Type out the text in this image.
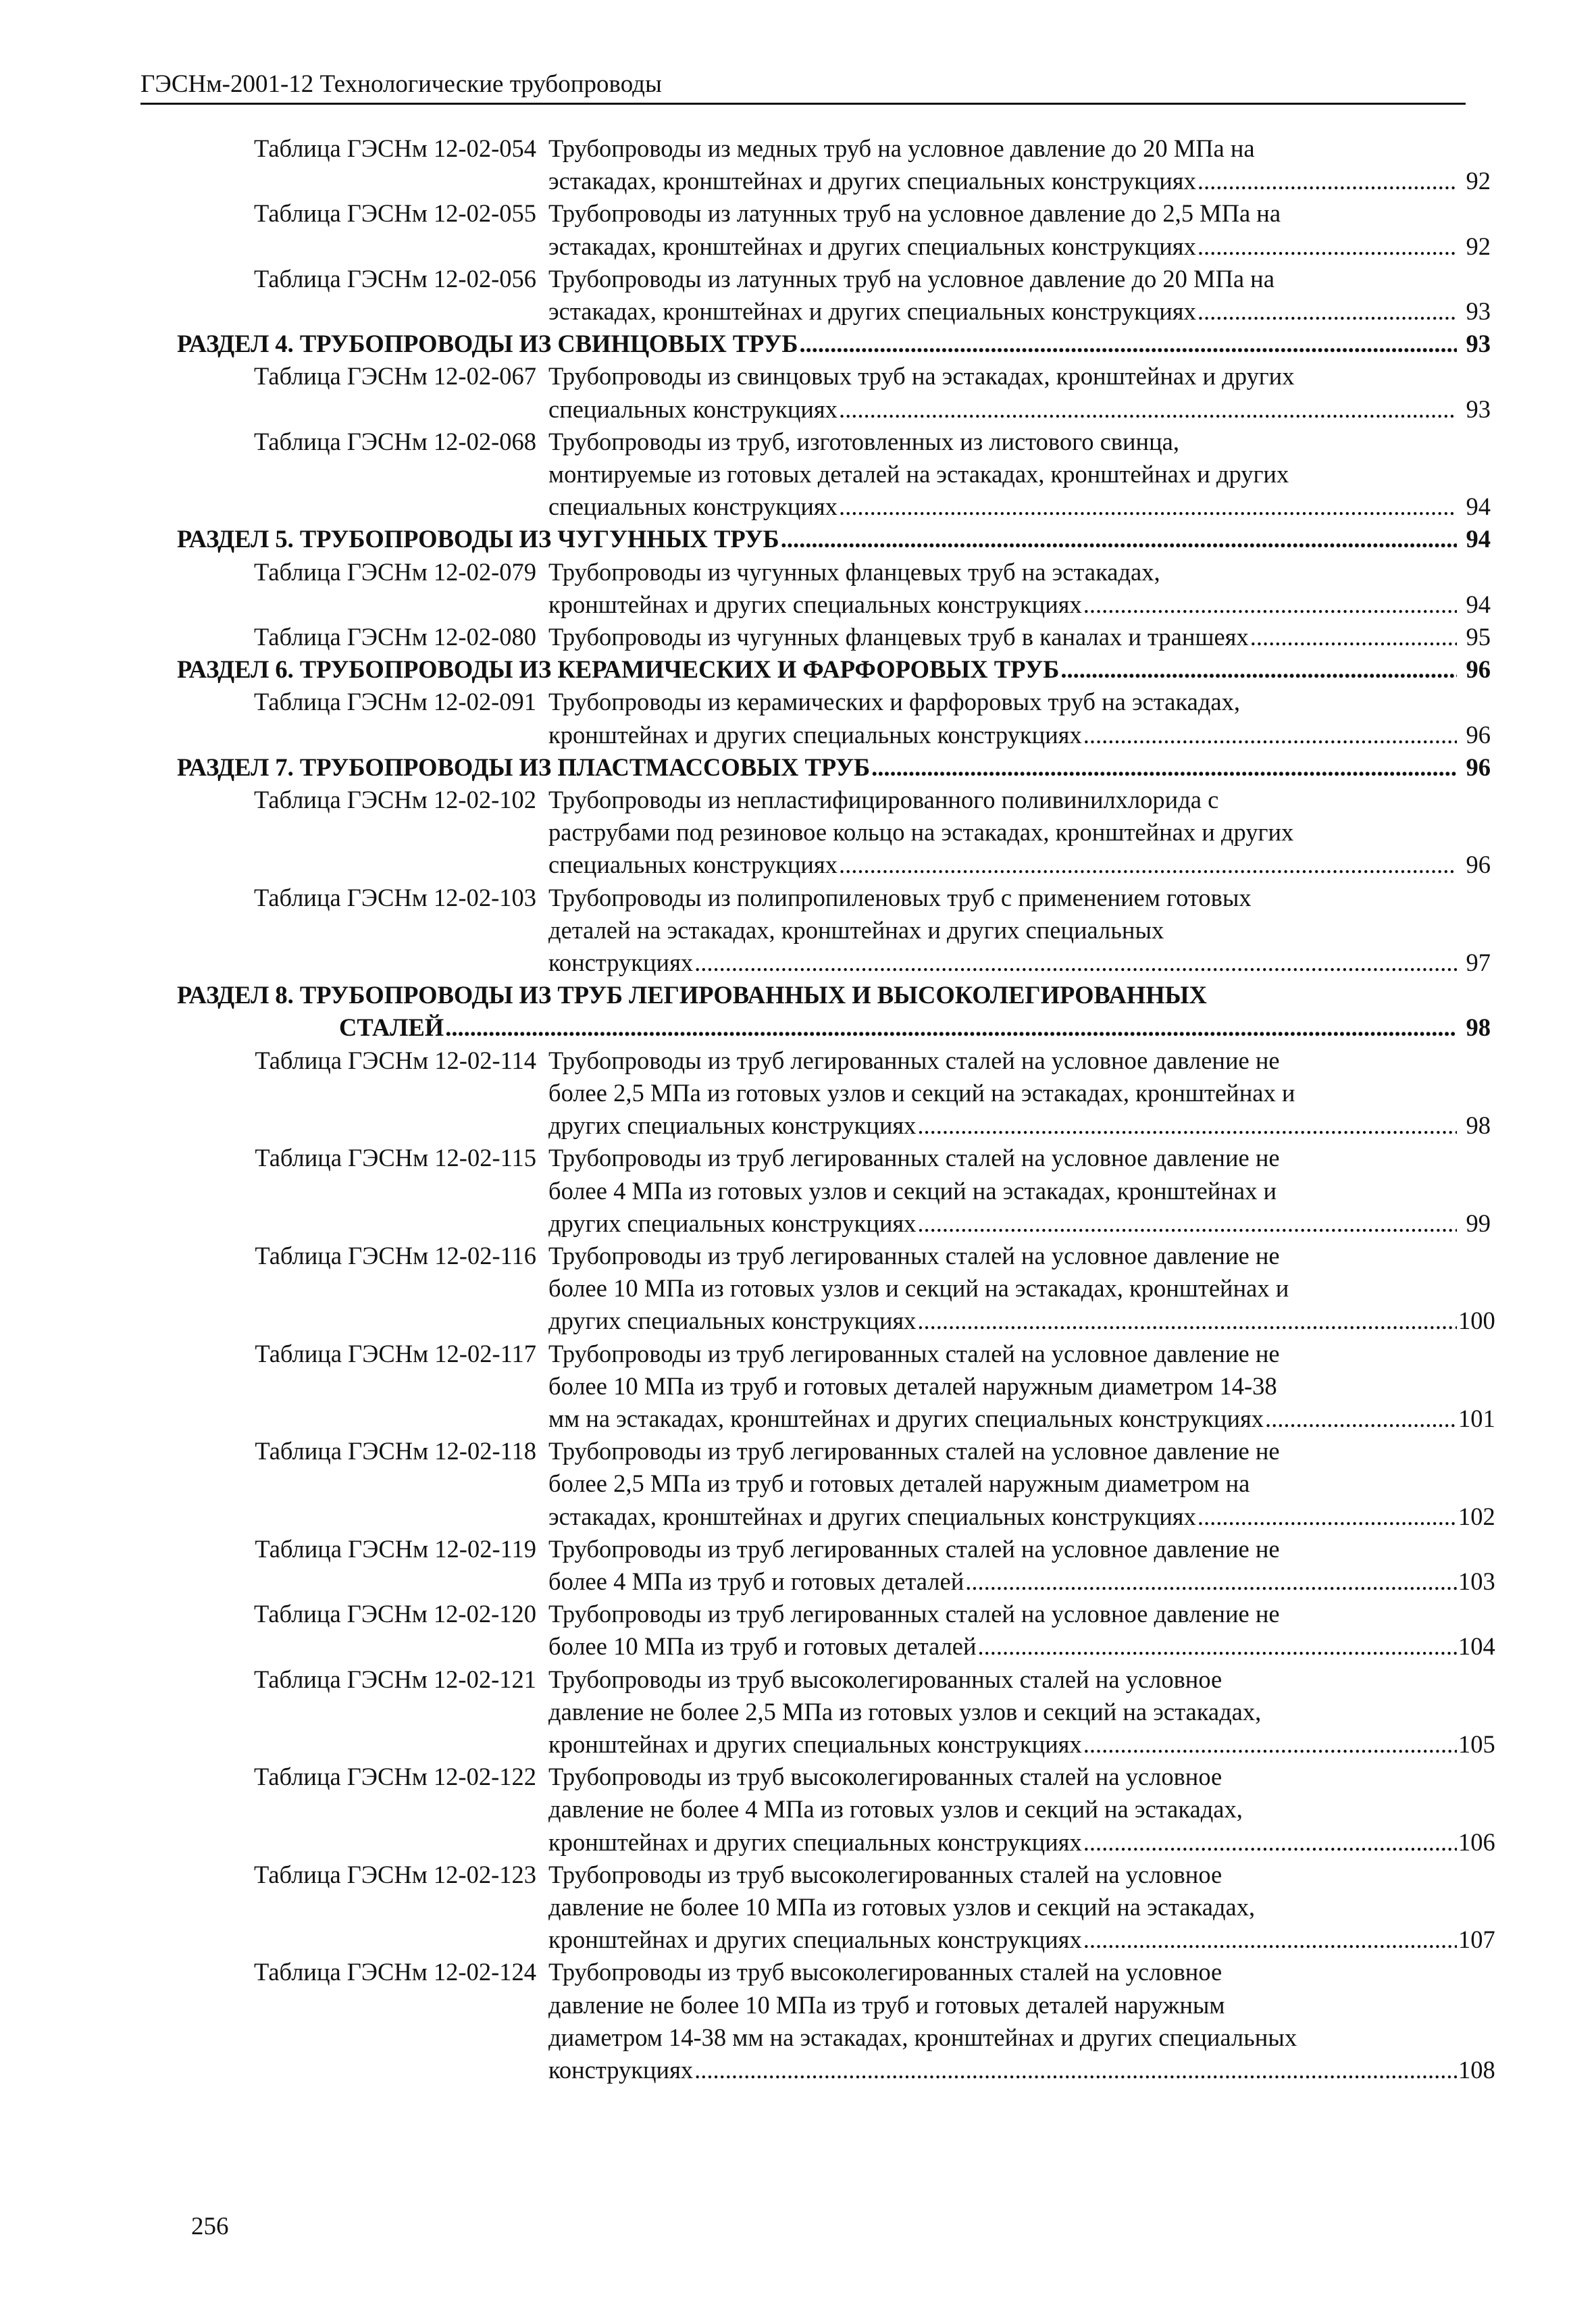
ГЭСНм-2001-12 Технологические трубопроводы
Таблица ГЭСНм 12-02-054 Трубопроводы из медных труб на условное давление до 20 МПа на
эстакадах, кронштейнах и других специальных конструкциях .....	92
Таблица ГЭСНм 12-02-055 Трубопроводы из латунных труб на условное давление до 2,5 МПа на
эстакадах, кронштейнах и других специальных конструкциях .....	92
Таблица ГЭСНм 12-02-056 Трубопроводы из латунных труб на условное давление до 20 МПа на
эстакадах, кронштейнах и других специальных конструкциях .....	93
РАЗДЕЛ 4. ТРУБОПРОВОДЫ ИЗ СВИНЦОВЫХ ТРУБ .....	93
Таблица ГЭСНм 12-02-067 Трубопроводы из свинцовых труб на эстакадах, кронштейнах и других
специальных конструкциях .....	93
Таблица ГЭСНм 12-02-068 Трубопроводы из труб, изготовленных из листового свинца,
монтируемые из готовых деталей на эстакадах, кронштейнах и других
специальных конструкциях .....	94
РАЗДЕЛ 5. ТРУБОПРОВОДЫ ИЗ ЧУГУННЫХ ТРУБ .....	94
Таблица ГЭСНм 12-02-079 Трубопроводы из чугунных фланцевых труб на эстакадах,
кронштейнах и других специальных конструкциях .....	94
Таблица ГЭСНм 12-02-080 Трубопроводы из чугунных фланцевых труб в каналах и траншеях .....	95
РАЗДЕЛ 6. ТРУБОПРОВОДЫ ИЗ КЕРАМИЧЕСКИХ И ФАРФОРОВЫХ ТРУБ .....	96
Таблица ГЭСНм 12-02-091 Трубопроводы из керамических и фарфоровых труб на эстакадах,
кронштейнах и других специальных конструкциях .....	96
РАЗДЕЛ 7. ТРУБОПРОВОДЫ ИЗ ПЛАСТМАССОВЫХ ТРУБ .....	96
Таблица ГЭСНм 12-02-102 Трубопроводы из непластифицированного поливинилхлорида с
раструбами под резиновое кольцо на эстакадах, кронштейнах и других
специальных конструкциях .....	96
Таблица ГЭСНм 12-02-103 Трубопроводы из полипропиленовых труб с применением готовых
деталей на эстакадах, кронштейнах и других специальных
конструкциях .....	97
РАЗДЕЛ 8. ТРУБОПРОВОДЫ ИЗ ТРУБ ЛЕГИРОВАННЫХ И ВЫСОКОЛЕГИРОВАННЫХ
СТАЛЕЙ .....	98
Таблица ГЭСНм 12-02-114 Трубопроводы из труб легированных сталей на условное давление не
более 2,5 МПа из готовых узлов и секций на эстакадах, кронштейнах и
других специальных конструкциях .....	98
Таблица ГЭСНм 12-02-115 Трубопроводы из труб легированных сталей на условное давление не
более 4 МПа из готовых узлов и секций на эстакадах, кронштейнах и
других специальных конструкциях .....	99
Таблица ГЭСНм 12-02-116 Трубопроводы из труб легированных сталей на условное давление не
более 10 МПа из готовых узлов и секций на эстакадах, кронштейнах и
других специальных конструкциях .....	100
Таблица ГЭСНм 12-02-117 Трубопроводы из труб легированных сталей на условное давление не
более 10 МПа из труб и готовых деталей наружным диаметром 14-38
мм на эстакадах, кронштейнах и других специальных конструкциях .....	101
Таблица ГЭСНм 12-02-118 Трубопроводы из труб легированных сталей на условное давление не
более 2,5 МПа из труб и готовых деталей наружным диаметром на
эстакадах, кронштейнах и других специальных конструкциях .....	102
Таблица ГЭСНм 12-02-119 Трубопроводы из труб легированных сталей на условное давление не
более 4 МПа из труб и готовых деталей .....	103
Таблица ГЭСНм 12-02-120 Трубопроводы из труб легированных сталей на условное давление не
более 10 МПа из труб и готовых деталей .....	104
Таблица ГЭСНм 12-02-121 Трубопроводы из труб высоколегированных сталей на условное
давление не более 2,5 МПа из готовых узлов и секций на эстакадах,
кронштейнах и других специальных конструкциях .....	105
Таблица ГЭСНм 12-02-122 Трубопроводы из труб высоколегированных сталей на условное
давление не более 4 МПа из готовых узлов и секций на эстакадах,
кронштейнах и других специальных конструкциях .....	106
Таблица ГЭСНм 12-02-123 Трубопроводы из труб высоколегированных сталей на условное
давление не более 10 МПа из готовых узлов и секций на эстакадах,
кронштейнах и других специальных конструкциях .....	107
Таблица ГЭСНм 12-02-124 Трубопроводы из труб высоколегированных сталей на условное
давление не более 10 МПа из труб и готовых деталей наружным
диаметром 14-38 мм на эстакадах, кронштейнах и других специальных
конструкциях .....	108
256
